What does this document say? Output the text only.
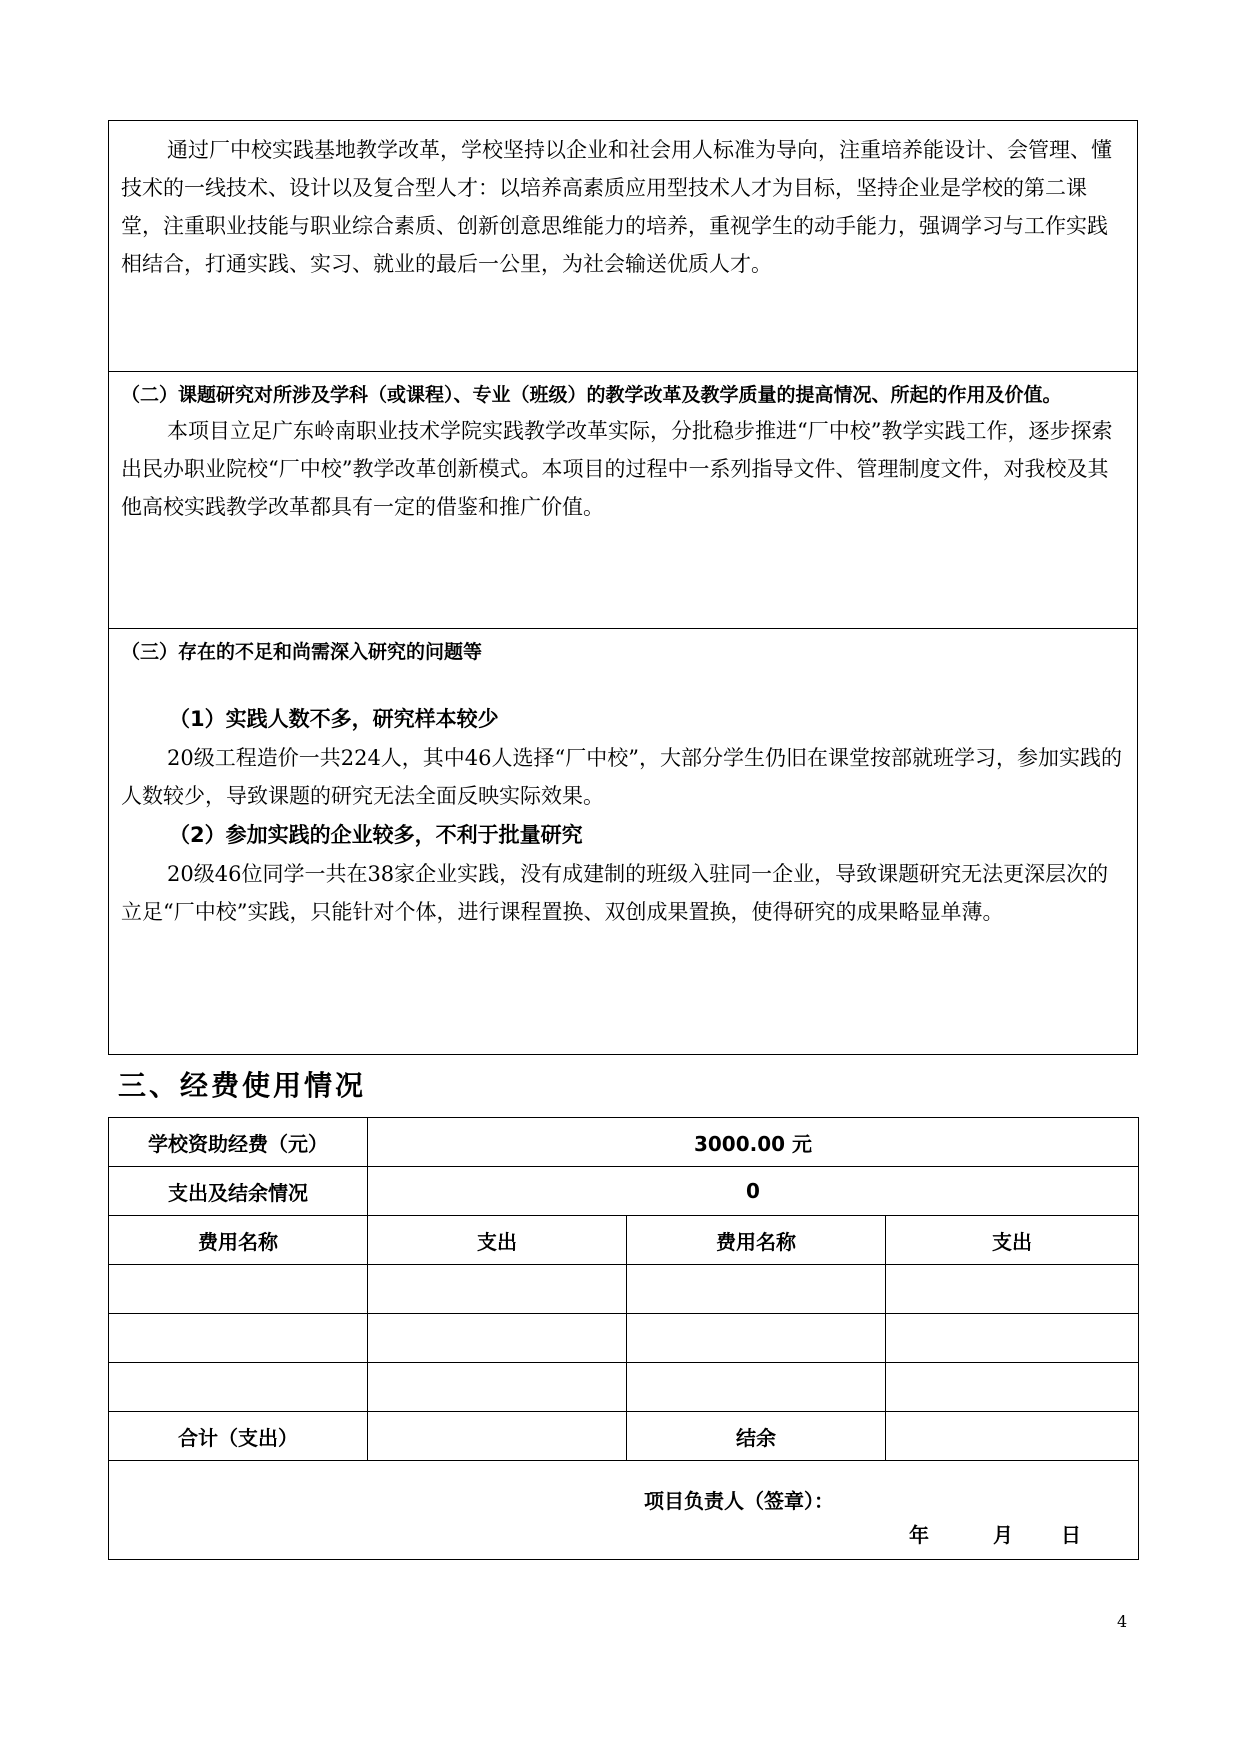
通过厂中校实践基地教学改革，学校坚持以企业和社会用人标准为导向，注重培养能设计、会管理、懂技术的一线技术、设计以及复合型人才：以培养高素质应用型技术人才为目标，坚持企业是学校的第二课堂，注重职业技能与职业综合素质、创新创意思维能力的培养，重视学生的动手能力，强调学习与工作实践相结合，打通实践、实习、就业的最后一公里，为社会输送优质人才。

（二）课题研究对所涉及学科（或课程）、专业（班级）的教学改革及教学质量的提高情况、所起的作用及价值。

本项目立足广东岭南职业技术学院实践教学改革实际，分批稳步推进“厂中校”教学实践工作，逐步探索出民办职业院校“厂中校”教学改革创新模式。本项目的过程中一系列指导文件、管理制度文件，对我校及其他高校实践教学改革都具有一定的借鉴和推广价值。

（三）存在的不足和尚需深入研究的问题等

（1）实践人数不多，研究样本较少

20级工程造价一共224人，其中46人选择“厂中校”，大部分学生仍旧在课堂按部就班学习，参加实践的人数较少，导致课题的研究无法全面反映实际效果。

（2）参加实践的企业较多，不利于批量研究

20级46位同学一共在38家企业实践，没有成建制的班级入驻同一企业，导致课题研究无法更深层次的立足“厂中校”实践，只能针对个体，进行课程置换、双创成果置换，使得研究的成果略显单薄。

三、经费使用情况
学校资助经费（元）	3000.00 元		
支出及结余情况	0		
费用名称	支出	费用名称	支出

合计（支出）		结余	

项目负责人（签章）：
年 月 日			
4
